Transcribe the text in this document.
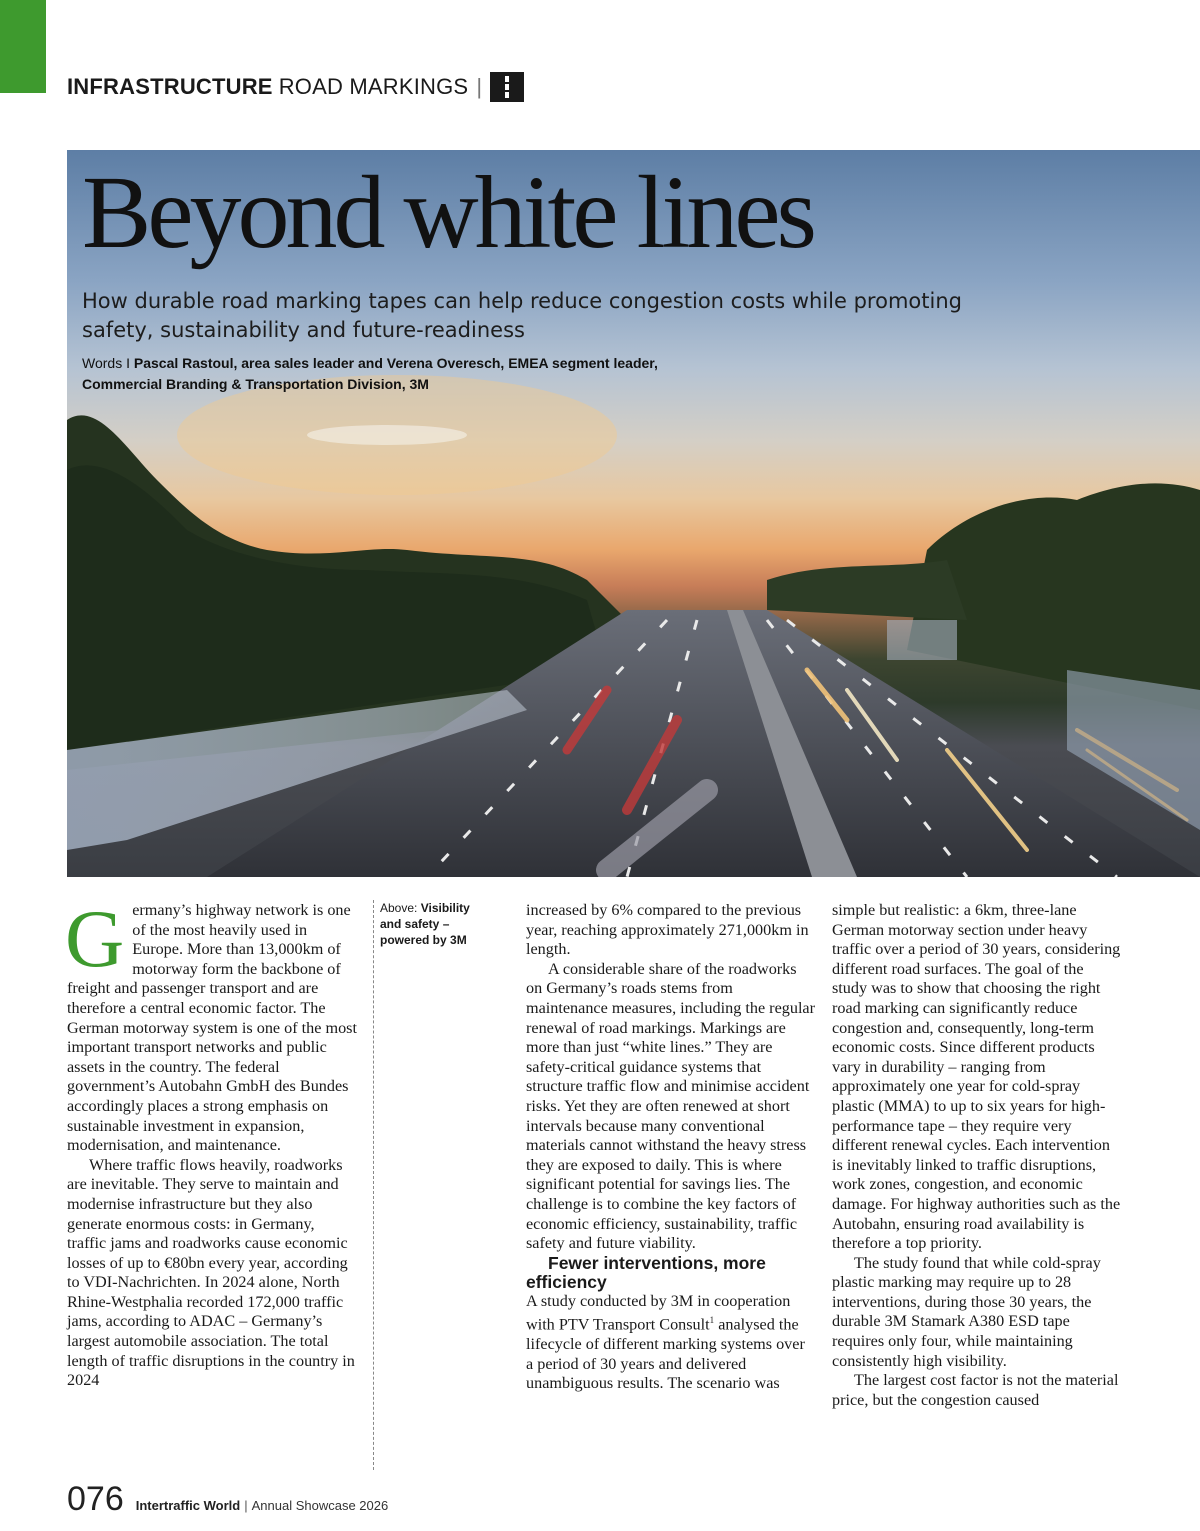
INFRASTRUCTURE ROAD MARKINGS |
Beyond white lines
How durable road marking tapes can help reduce congestion costs while promoting safety, sustainability and future-readiness
Words I Pascal Rastoul, area sales leader and Verena Overesch, EMEA segment leader,
Commercial Branding & Transportation Division, 3M

Germany’s highway network is one of the most heavily used in Europe. More than 13,000km of motorway form the backbone of freight and passenger transport and are therefore a central economic factor. The German motorway system is one of the most important transport networks and public assets in the country. The federal government’s Autobahn GmbH des Bundes accordingly places a strong emphasis on sustainable investment in expansion, modernisation, and maintenance.

Where traffic flows heavily, roadworks are inevitable. They serve to maintain and modernise infrastructure but they also generate enormous costs: in Germany, traffic jams and roadworks cause economic losses of up to €80bn every year, according to VDI-Nachrichten. In 2024 alone, North Rhine-Westphalia recorded 172,000 traffic jams, according to ADAC – Germany’s largest automobile association. The total length of traffic disruptions in the country in 2024

Above: Visibility and safety – powered by 3M

increased by 6% compared to the previous year, reaching approximately 271,000km in length.

A considerable share of the roadworks on Germany’s roads stems from maintenance measures, including the regular renewal of road markings. Markings are more than just “white lines.” They are safety-critical guidance systems that structure traffic flow and minimise accident risks. Yet they are often renewed at short intervals because many conventional materials cannot withstand the heavy stress they are exposed to daily. This is where significant potential for savings lies. The challenge is to combine the key factors of economic efficiency, sustainability, traffic safety and future viability.

Fewer interventions, more efficiency

A study conducted by 3M in cooperation with PTV Transport Consult$^1$ analysed the lifecycle of different marking systems over a period of 30 years and delivered unambiguous results. The scenario was

simple but realistic: a 6km, three-lane German motorway section under heavy traffic over a period of 30 years, considering different road surfaces. The goal of the study was to show that choosing the right road marking can significantly reduce congestion and, consequently, long-term economic costs. Since different products vary in durability – ranging from approximately one year for cold-spray plastic (MMA) to up to six years for high-performance tape – they require very different renewal cycles. Each intervention is inevitably linked to traffic disruptions, work zones, congestion, and economic damage. For highway authorities such as the Autobahn, ensuring road availability is therefore a top priority.

The study found that while cold-spray plastic marking may require up to 28 interventions, during those 30 years, the durable 3M Stamark A380 ESD tape requires only four, while maintaining consistently high visibility.

The largest cost factor is not the material price, but the congestion caused

076 Intertraffic World | Annual Showcase 2026
